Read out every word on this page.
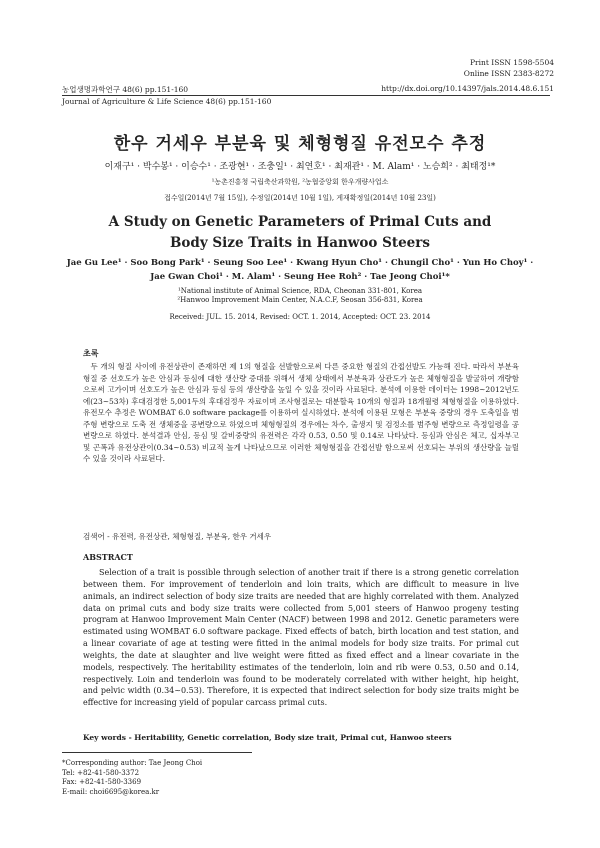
Print ISSN 1598-5504
Online ISSN 2383-8272
농업생명과학연구 48(6) pp.151-160	http://dx.doi.org/10.14397/jals.2014.48.6.151
Journal of Agriculture & Life Science 48(6) pp.151-160
한우 거세우 부분육 및 체형형질 유전모수 추정
이재구¹ · 박수봉¹ · 이승수¹ · 조광현¹ · 조충일¹ · 최연호¹ · 최재관¹ · M. Alam¹ · 노승희² · 최태정¹*
¹농촌진흥청 국립축산과학원, ²농협중앙회 한우개량사업소
접수일(2014년 7월 15일), 수정일(2014년 10월 1일), 게재확정일(2014년 10월 23일)
A Study on Genetic Parameters of Primal Cuts and Body Size Traits in Hanwoo Steers
Jae Gu Lee¹ · Soo Bong Park¹ · Seung Soo Lee¹ · Kwang Hyun Cho¹ · Chungil Cho¹ · Yun Ho Choy¹ ·
Jae Gwan Choi¹ · M. Alam¹ · Seung Hee Roh² · Tae Jeong Choi¹*
¹National institute of Animal Science, RDA, Cheonan 331-801, Korea
²Hanwoo Improvement Main Center, N.A.C.F, Seosan 356-831, Korea
Received: JUL. 15. 2014, Revised: OCT. 1. 2014, Accepted: OCT. 23. 2014
초록
두 개의 형질 사이에 유전상관이 존재하면 제 1의 형질을 선발함으로써 다른 중요한 형질의 간접선발도 가능해 진다. 따라서 부분육 형질 중 선호도가 높은 안심과 등심에 대한 생산량 증대를 위해서 생체 상태에서 부분육과 상관도가 높은 체형형질을 발굴하여 개량함으로써 고가이며 선호도가 높은 안심과 등심 등의 생산량을 높일 수 있을 것이라 사료된다. 분석에 이용한 데이터는 1998~2012년도에(23~53차) 후대검정한 5,001두의 후대검정우 자료이며 조사형질로는 대분할육 10개의 형질과 18개월령 체형형질을 이용하였다. 유전모수 추정은 WOMBAT 6.0 software package를 이용하여 실시하였다. 분석에 이용된 모형은 부분육 중량의 경우 도축일을 범주형 변량으로 도축 전 생체중을 공변량으로 하였으며 체형형질의 경우에는 차수, 출생지 및 검정소를 범주형 변량으로 측정일령을 공변량으로 하였다. 분석결과 안심, 등심 및 갈비중량의 유전력은 각각 0.53, 0.50 및 0.14로 나타났다. 등심과 안심은 체고, 십자부고 및 곤폭과 유전상관이(0.34~0.53) 비교적 높게 나타났으므로 이러한 체형형질을 간접선발 함으로써 선호되는 부위의 생산량을 늘릴 수 있을 것이라 사료된다.
검색어 - 유전력, 유전상관, 체형형질, 부분육, 한우 거세우
ABSTRACT
Selection of a trait is possible through selection of another trait if there is a strong genetic correlation between them. For improvement of tenderloin and loin traits, which are difficult to measure in live animals, an indirect selection of body size traits are needed that are highly correlated with them. Analyzed data on primal cuts and body size traits were collected from 5,001 steers of Hanwoo progeny testing program at Hanwoo Improvement Main Center (NACF) between 1998 and 2012. Genetic parameters were estimated using WOMBAT 6.0 software package. Fixed effects of batch, birth location and test station, and a linear covariate of age at testing were fitted in the animal models for body size traits. For primal cut weights, the date at slaughter and live weight were fitted as fixed effect and a linear covariate in the models, respectively. The heritability estimates of the tenderloin, loin and rib were 0.53, 0.50 and 0.14, respectively. Loin and tenderloin was found to be moderately correlated with wither height, hip height, and pelvic width (0.34~0.53). Therefore, it is expected that indirect selection for body size traits might be effective for increasing yield of popular carcass primal cuts.
Key words - Heritability, Genetic correlation, Body size trait, Primal cut, Hanwoo steers
*Corresponding author: Tae Jeong Choi
Tel: +82-41-580-3372
Fax: +82-41-580-3369
E-mail: choi6695@korea.kr
